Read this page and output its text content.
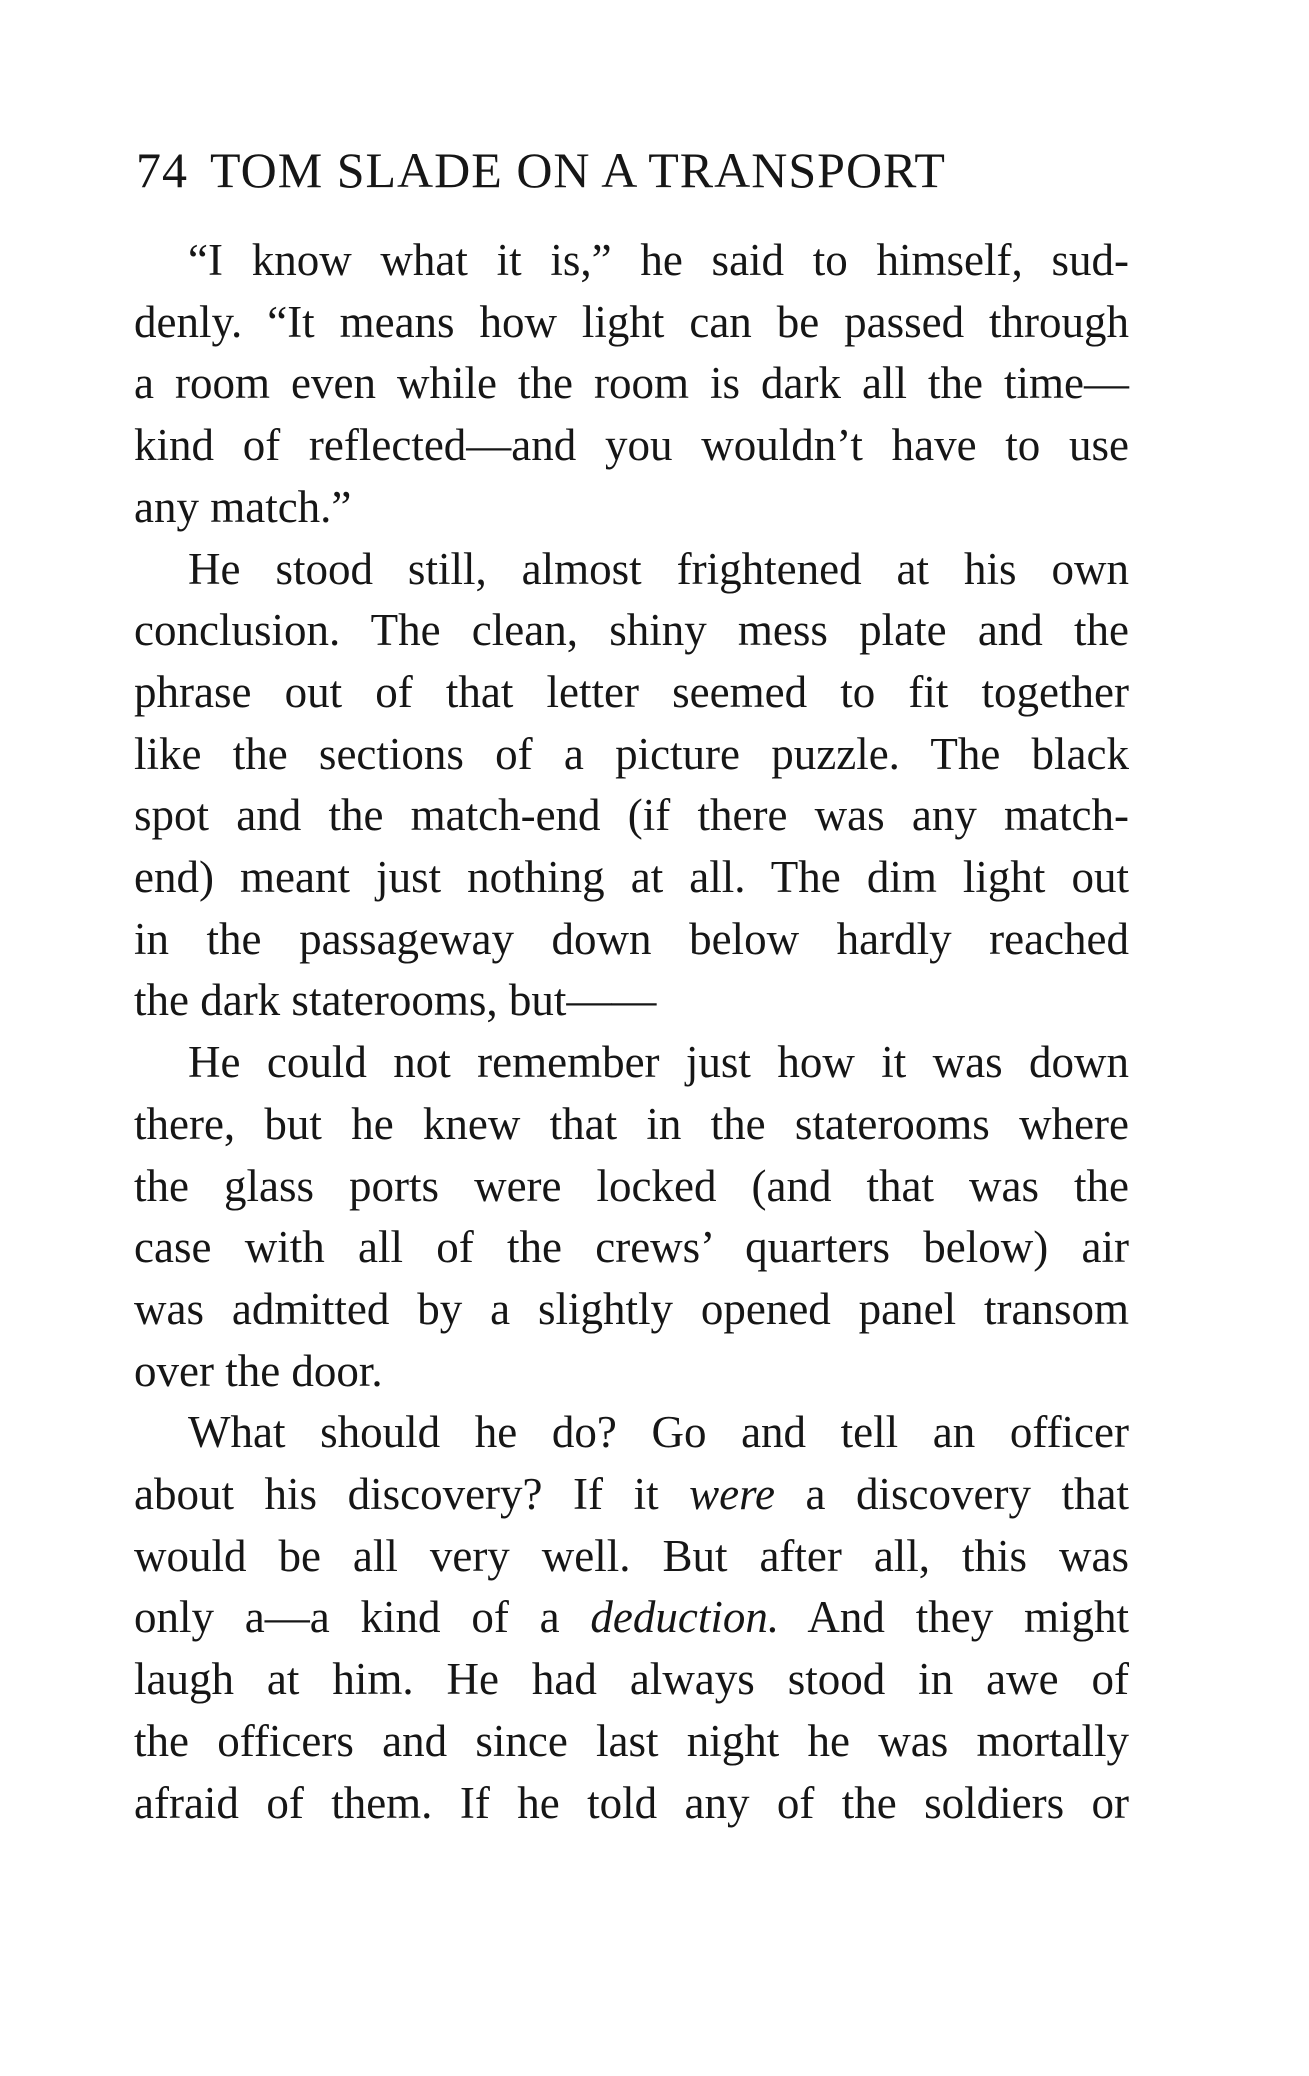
74 TOM SLADE ON A TRANSPORT
“I know what it is,” he said to himself, sud-
denly. “It means how light can be passed through
a room even while the room is dark all the time—
kind of reflected—and you wouldn’t have to use
any match.”
He stood still, almost frightened at his own
conclusion. The clean, shiny mess plate and the
phrase out of that letter seemed to fit together
like the sections of a picture puzzle. The black
spot and the match-end (if there was any match-
end) meant just nothing at all. The dim light out
in the passageway down below hardly reached
the dark staterooms, but——
He could not remember just how it was down
there, but he knew that in the staterooms where
the glass ports were locked (and that was the
case with all of the crews’ quarters below) air
was admitted by a slightly opened panel transom
over the door.
What should he do? Go and tell an officer
about his discovery? If it were a discovery that
would be all very well. But after all, this was
only a—a kind of a deduction. And they might
laugh at him. He had always stood in awe of
the officers and since last night he was mortally
afraid of them. If he told any of the soldiers or
